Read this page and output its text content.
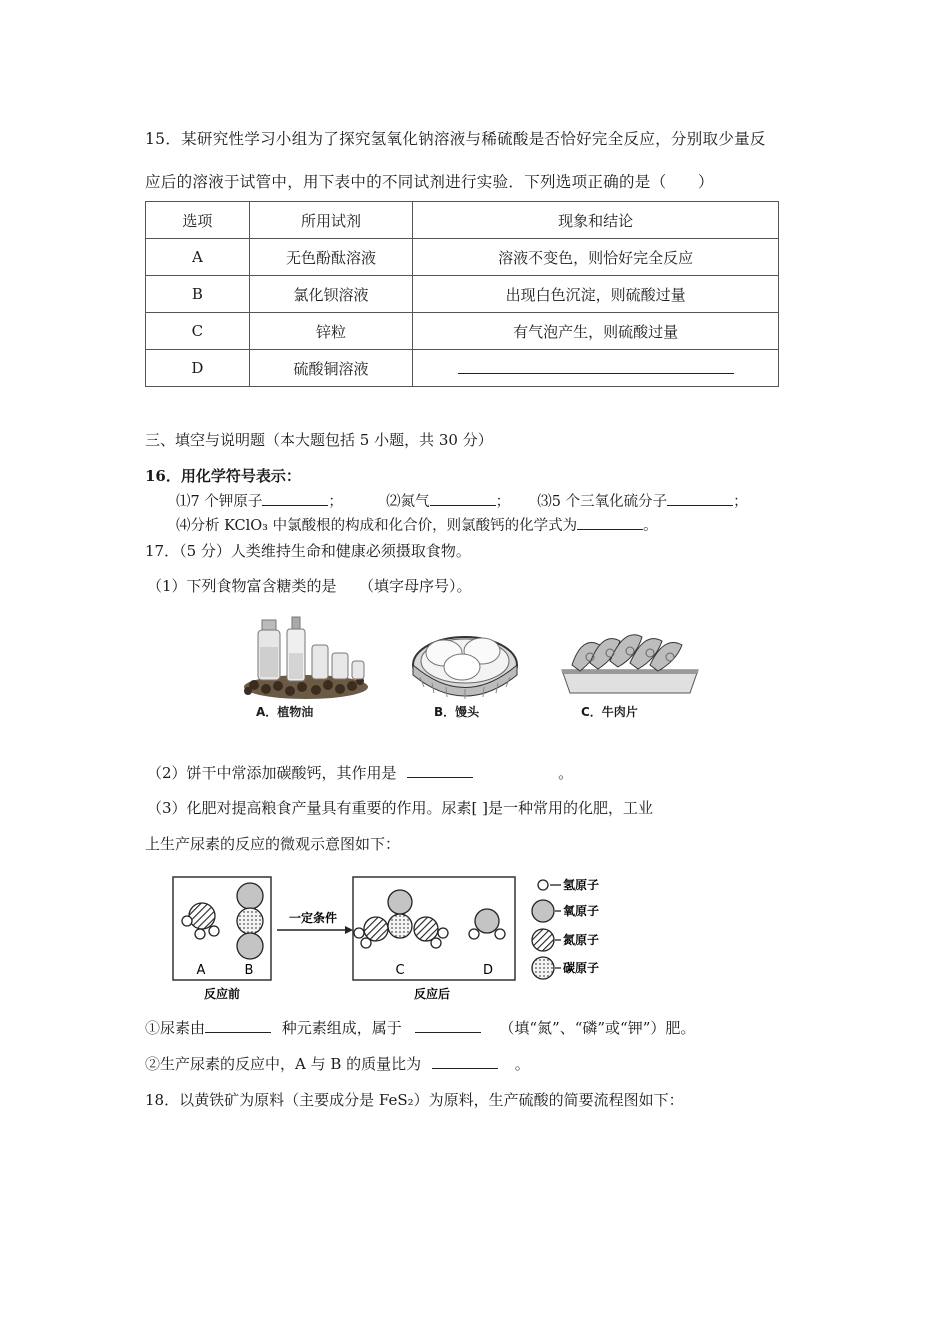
15．某研究性学习小组为了探究氢氧化钠溶液与稀硫酸是否恰好完全反应，分别取少量反
应后的溶液于试管中，用下表中的不同试剂进行实验．下列选项正确的是（　　）
选项	所用试剂	现象和结论
A	无色酚酞溶液	溶液不变色，则恰好完全反应
B	氯化钡溶液	出现白色沉淀，则硫酸过量
C	锌粒	有气泡产生，则硫酸过量
D	硫酸铜溶液	
三、填空与说明题（本大题包括 5 小题，共 30 分）
16．用化学符号表示：
⑴7 个钾原子	；	⑵氮气	； ⑶5 个三氧化硫分子	；
⑷分析 KClO₃ 中氯酸根的构成和化合价，则氯酸钙的化学式为	。
17．（5 分）人类维持生命和健康必须摄取食物。
（1）下列食物富含糖类的是　　（填字母序号）。
A．植物油	B．馒头	C．牛肉片
（2）饼干中常添加碳酸钙，其作用是	。
（3）化肥对提高粮食产量具有重要的作用。尿素[ ]是一种常用的化肥，工业
上生产尿素的反应的微观示意图如下：
A	B
反应前
一定条件
C	D
反应后
氢原子
氧原子
氮原子
碳原子
①尿素由	种元素组成，属于	（填“氮”、“磷”或“钾”）肥。
②生产尿素的反应中，A 与 B 的质量比为	。
18．以黄铁矿为原料（主要成分是 FeS₂）为原料，生产硫酸的简要流程图如下：
